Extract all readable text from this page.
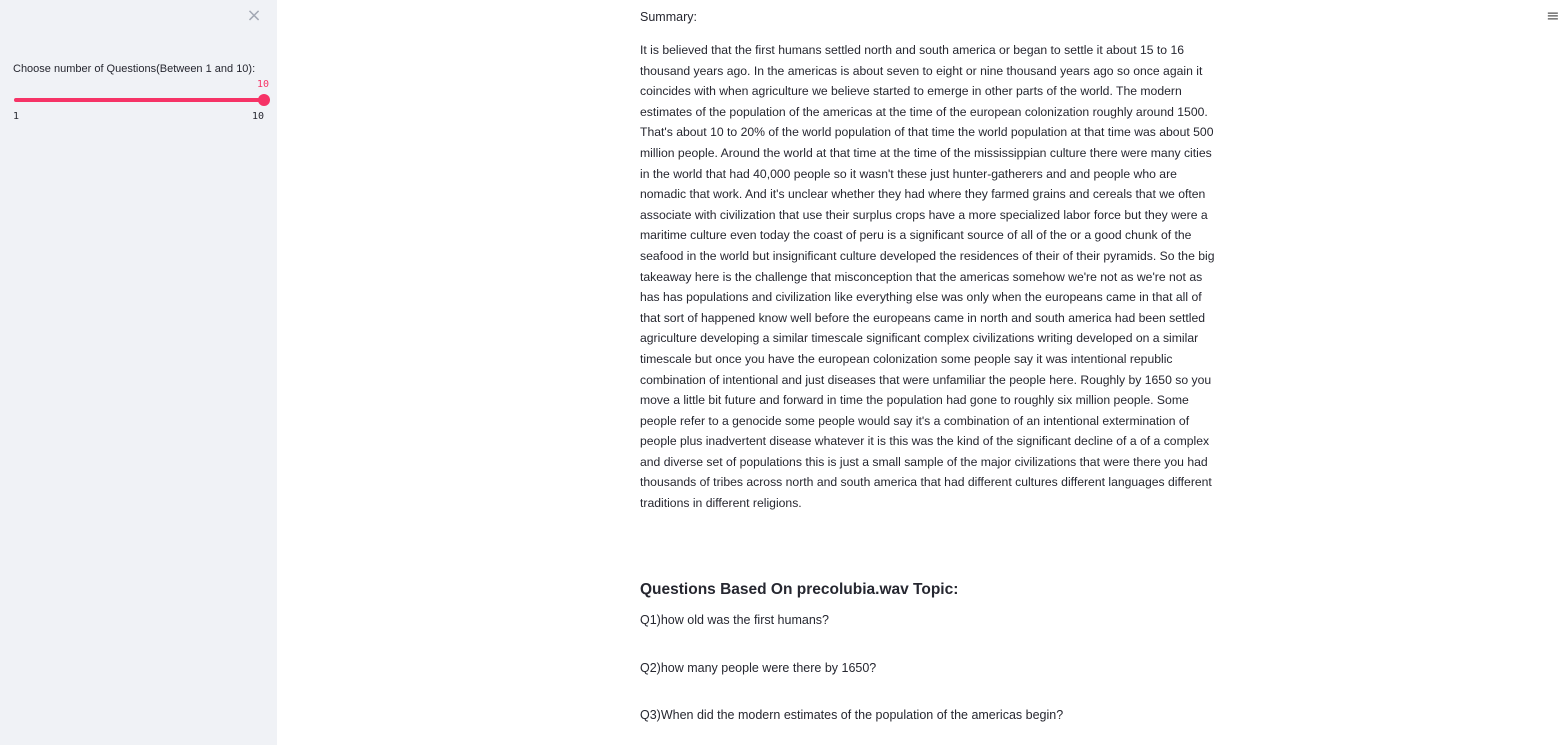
×
Choose number of Questions(Between 1 and 10):
10
1	10
≡
Summary:
It is believed that the first humans settled north and south america or began to settle it about 15 to 16 thousand years ago. In the americas is about seven to eight or nine thousand years ago so once again it coincides with when agriculture we believe started to emerge in other parts of the world. The modern estimates of the population of the americas at the time of the european colonization roughly around 1500. That's about 10 to 20% of the world population of that time the world population at that time was about 500 million people. Around the world at that time at the time of the mississippian culture there were many cities in the world that had 40,000 people so it wasn't these just hunter-gatherers and and people who are nomadic that work. And it's unclear whether they had where they farmed grains and cereals that we often associate with civilization that use their surplus crops have a more specialized labor force but they were a maritime culture even today the coast of peru is a significant source of all of the or a good chunk of the seafood in the world but insignificant culture developed the residences of their of their pyramids. So the big takeaway here is the challenge that misconception that the americas somehow we're not as we're not as has has populations and civilization like everything else was only when the europeans came in that all of that sort of happened know well before the europeans came in north and south america had been settled agriculture developing a similar timescale significant complex civilizations writing developed on a similar timescale but once you have the european colonization some people say it was intentional republic combination of intentional and just diseases that were unfamiliar the people here. Roughly by 1650 so you move a little bit future and forward in time the population had gone to roughly six million people. Some people refer to a genocide some people would say it's a combination of an intentional extermination of people plus inadvertent disease whatever it is this was the kind of the significant decline of a of a complex and diverse set of populations this is just a small sample of the major civilizations that were there you had thousands of tribes across north and south america that had different cultures different languages different traditions in different religions.
Questions Based On precolubia.wav Topic:
Q1)how old was the first humans?
Q2)how many people were there by 1650?
Q3)When did the modern estimates of the population of the americas begin?
